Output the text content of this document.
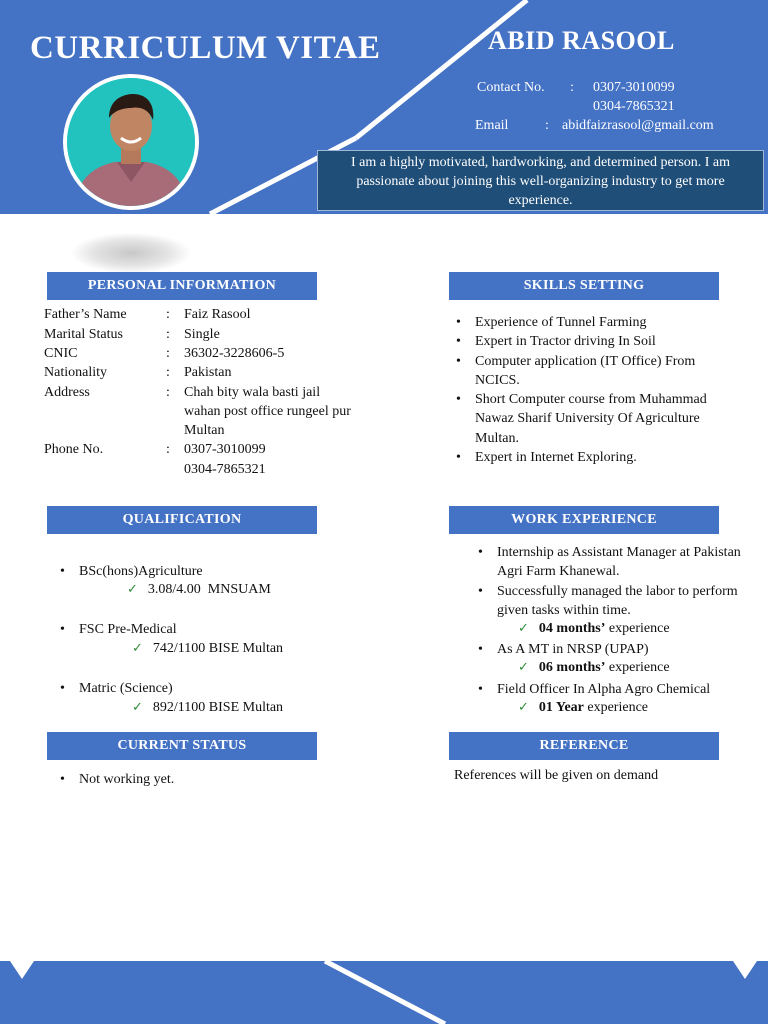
CURRICULUM VITAE	ABID RASOOL
Contact No. : 0307-3010099
0304-7865321
Email	: abidfaizrasool@gmail.com
I am a highly motivated, hardworking, and determined person. I am passionate about joining this well-organizing industry to get more experience.
PERSONAL INFORMATION
Father’s Name	: Faiz Rasool
Marital Status	: Single
CNIC	: 36302-3228606-5
Nationality	: Pakistan
Address	: Chah bity wala basti jail wahan post office rungeel pur Multan
Phone No.	: 0307-3010099
0304-7865321
SKILLS SETTING
• Experience of Tunnel Farming
• Expert in Tractor driving In Soil
• Computer application (IT Office) From NCICS.
• Short Computer course from Muhammad Nawaz Sharif University Of Agriculture Multan.
• Expert in Internet Exploring.
QUALIFICATION
• BSc(hons)Agriculture
✓ 3.08/4.00  MNSUAM
• FSC Pre-Medical
✓ 742/1100 BISE Multan
• Matric (Science)
✓ 892/1100 BISE Multan
WORK EXPERIENCE
• Internship as Assistant Manager at Pakistan Agri Farm Khanewal.
• Successfully managed the labor to perform given tasks within time.
✓ 04 months’ experience
• As A MT in NRSP (UPAP)
✓ 06 months’ experience
• Field Officer In Alpha Agro Chemical
✓ 01 Year experience
CURRENT STATUS
• Not working yet.
REFERENCE
References will be given on demand
